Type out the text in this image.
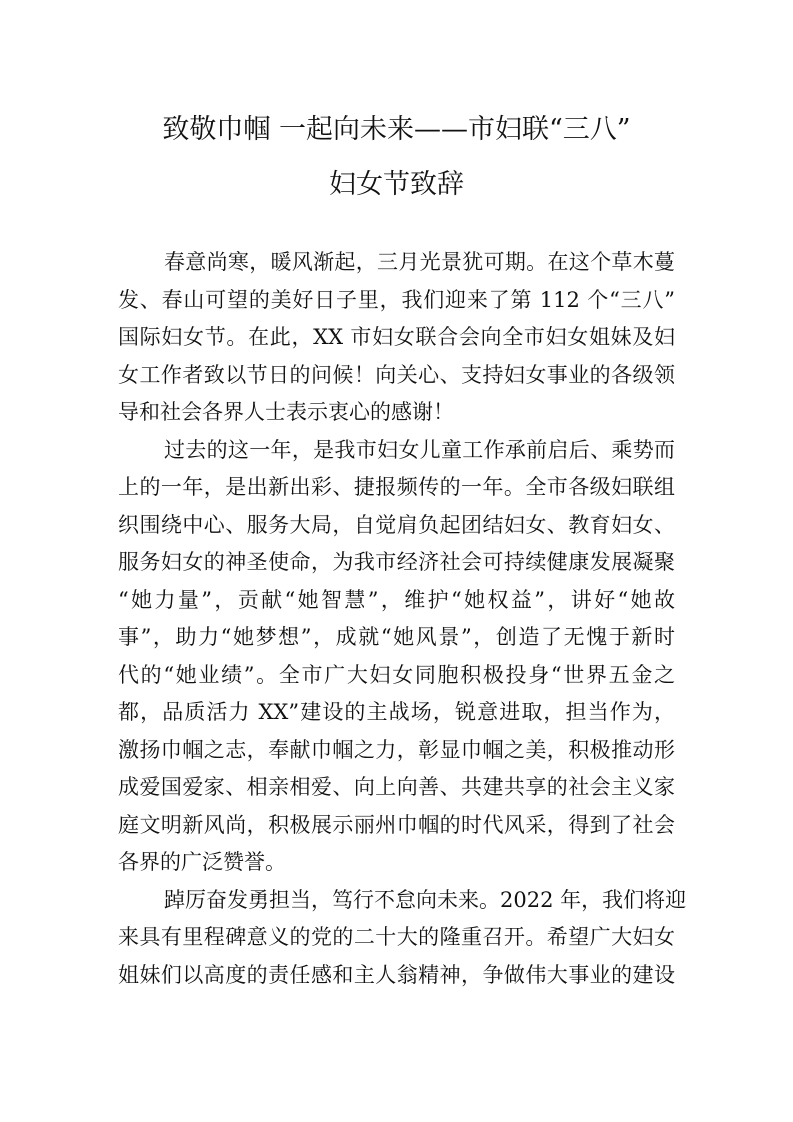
致敬巾帼 一起向未来——市妇联“三八”
妇女节致辞
春意尚寒，暖风渐起，三月光景犹可期。在这个草木蔓
发、春山可望的美好日子里，我们迎来了第 112 个“三八”
国际妇女节。在此，XX 市妇女联合会向全市妇女姐妹及妇
女工作者致以节日的问候！向关心、支持妇女事业的各级领
导和社会各界人士表示衷心的感谢！
过去的这一年，是我市妇女儿童工作承前启后、乘势而
上的一年，是出新出彩、捷报频传的一年。全市各级妇联组
织围绕中心、服务大局，自觉肩负起团结妇女、教育妇女、
服务妇女的神圣使命，为我市经济社会可持续健康发展凝聚
“她力量”，贡献“她智慧”，维护“她权益”，讲好“她故
事”，助力“她梦想”，成就“她风景”，创造了无愧于新时
代的“她业绩”。全市广大妇女同胞积极投身“世界五金之
都，品质活力 XX”建设的主战场，锐意进取，担当作为，
激扬巾帼之志，奉献巾帼之力，彰显巾帼之美，积极推动形
成爱国爱家、相亲相爱、向上向善、共建共享的社会主义家
庭文明新风尚，积极展示丽州巾帼的时代风采，得到了社会
各界的广泛赞誉。
踔厉奋发勇担当，笃行不怠向未来。2022 年，我们将迎
来具有里程碑意义的党的二十大的隆重召开。希望广大妇女
姐妹们以高度的责任感和主人翁精神，争做伟大事业的建设
